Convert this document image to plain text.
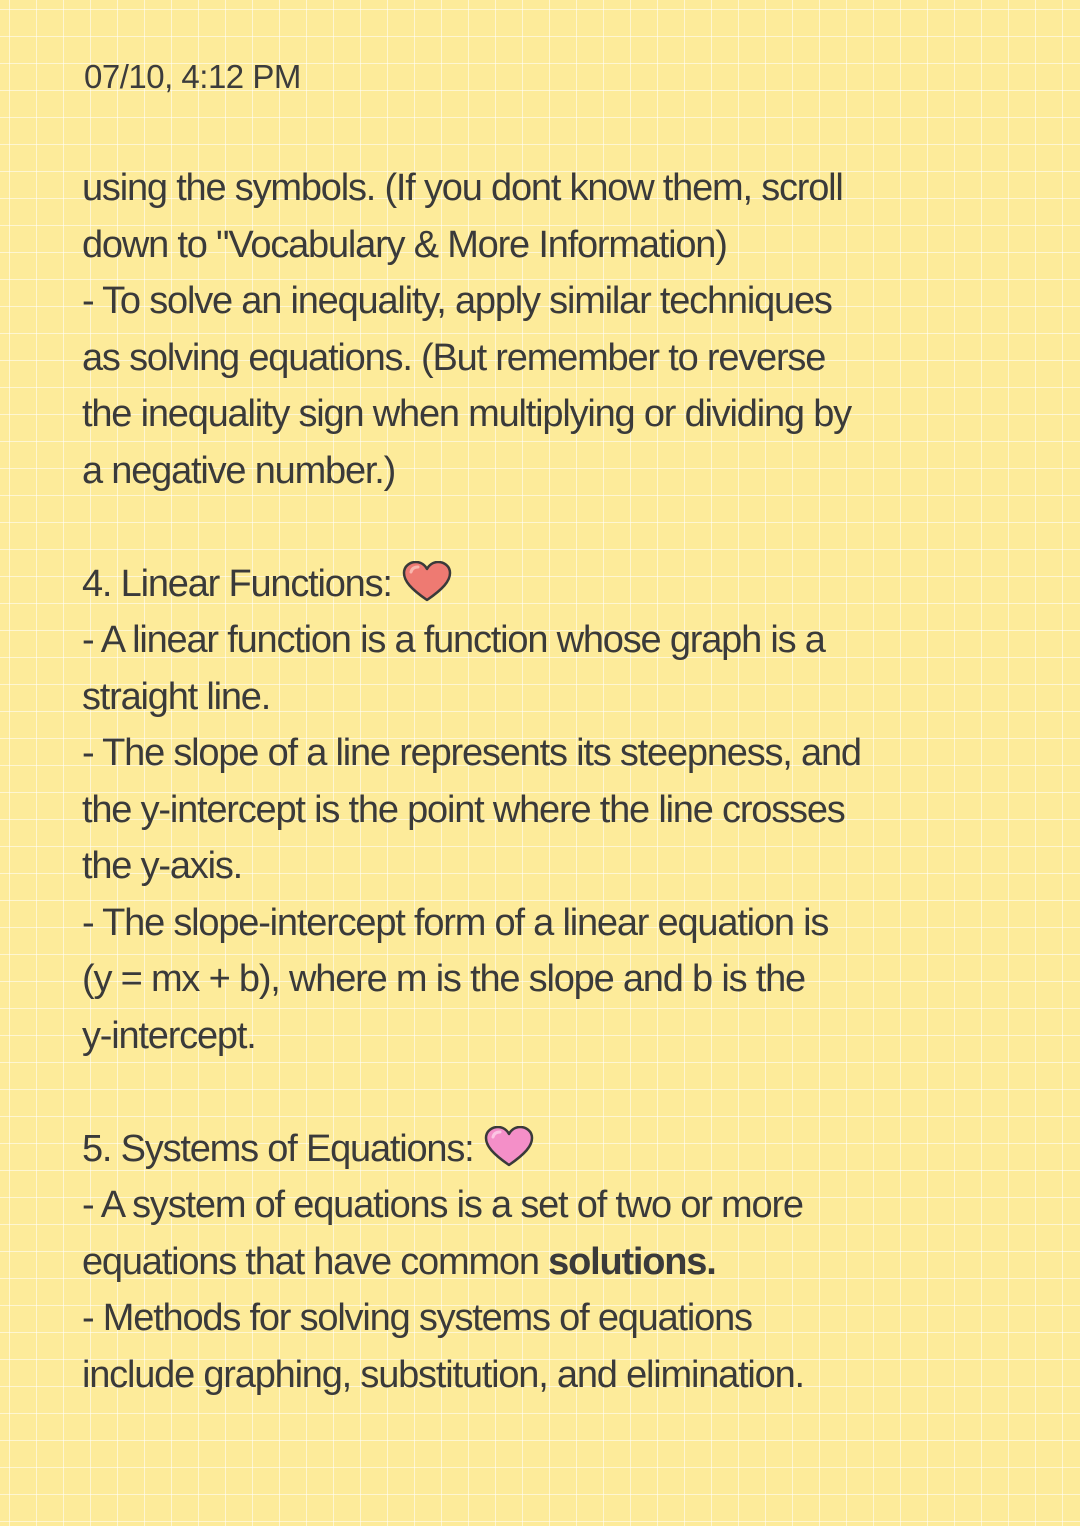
07/10, 4:12 PM
using the symbols. (If you dont know them, scroll
down to "Vocabulary & More Information)
- To solve an inequality, apply similar techniques
as solving equations. (But remember to reverse
the inequality sign when multiplying or dividing by
a negative number.)
4. Linear Functions:
- A linear function is a function whose graph is a
straight line.
- The slope of a line represents its steepness, and
the y-intercept is the point where the line crosses
the y-axis.
- The slope-intercept form of a linear equation is
(y = mx + b), where m is the slope and b is the
y-intercept.
5. Systems of Equations:
- A system of equations is a set of two or more
equations that have common solutions.
- Methods for solving systems of equations
include graphing, substitution, and elimination.
